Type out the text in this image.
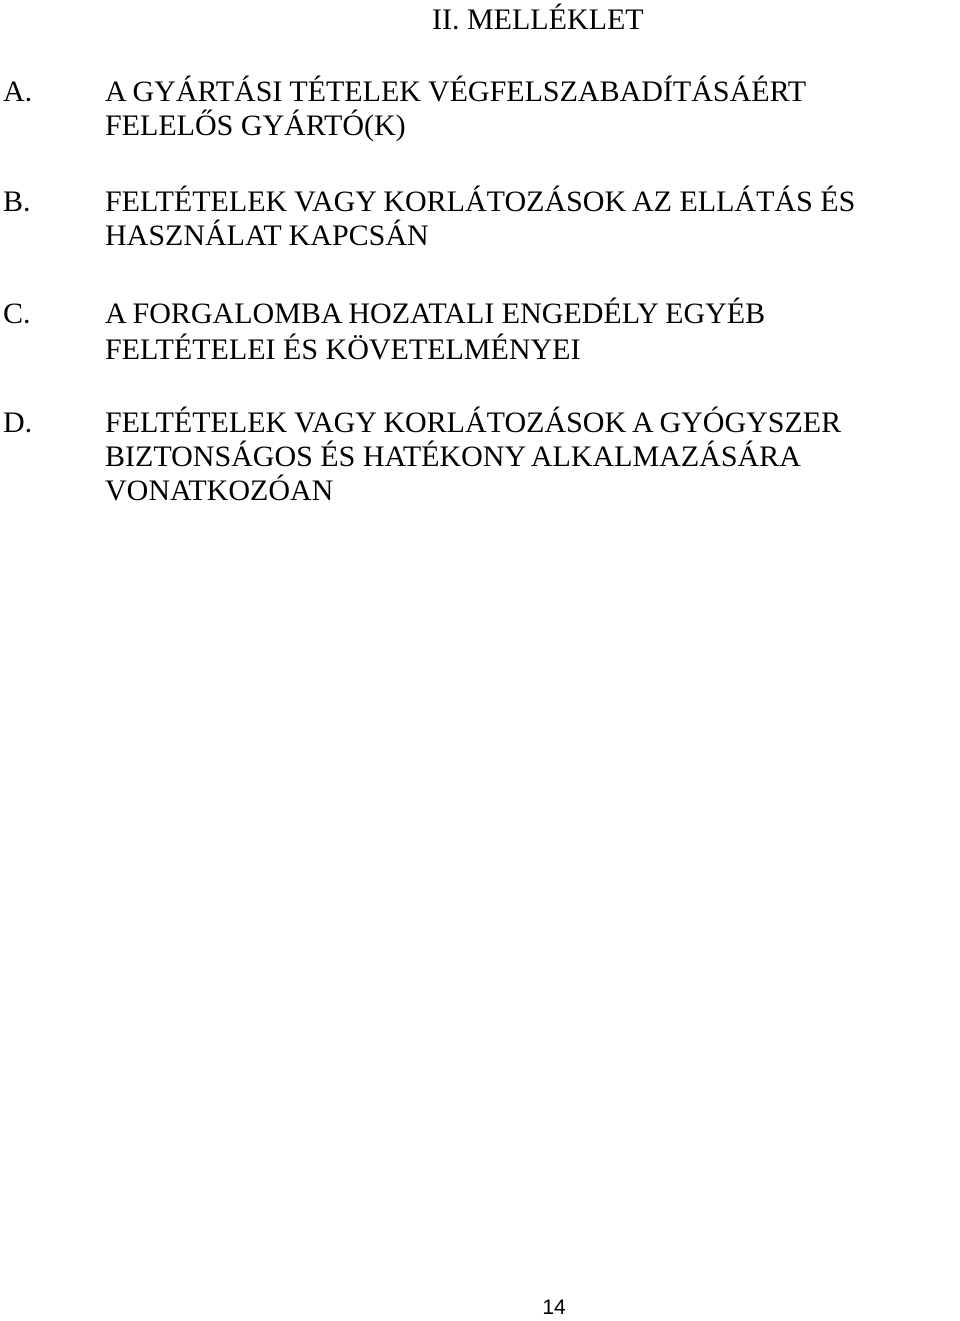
II. MELLÉKLET
A. A GYÁRTÁSI TÉTELEK VÉGFELSZABADÍTÁSÁÉRT
FELELŐS GYÁRTÓ(K)
B. FELTÉTELEK VAGY KORLÁTOZÁSOK AZ ELLÁTÁS ÉS
HASZNÁLAT KAPCSÁN
C. A FORGALOMBA HOZATALI ENGEDÉLY EGYÉB
FELTÉTELEI ÉS KÖVETELMÉNYEI
D. FELTÉTELEK VAGY KORLÁTOZÁSOK A GYÓGYSZER
BIZTONSÁGOS ÉS HATÉKONY ALKALMAZÁSÁRA
VONATKOZÓAN
14
